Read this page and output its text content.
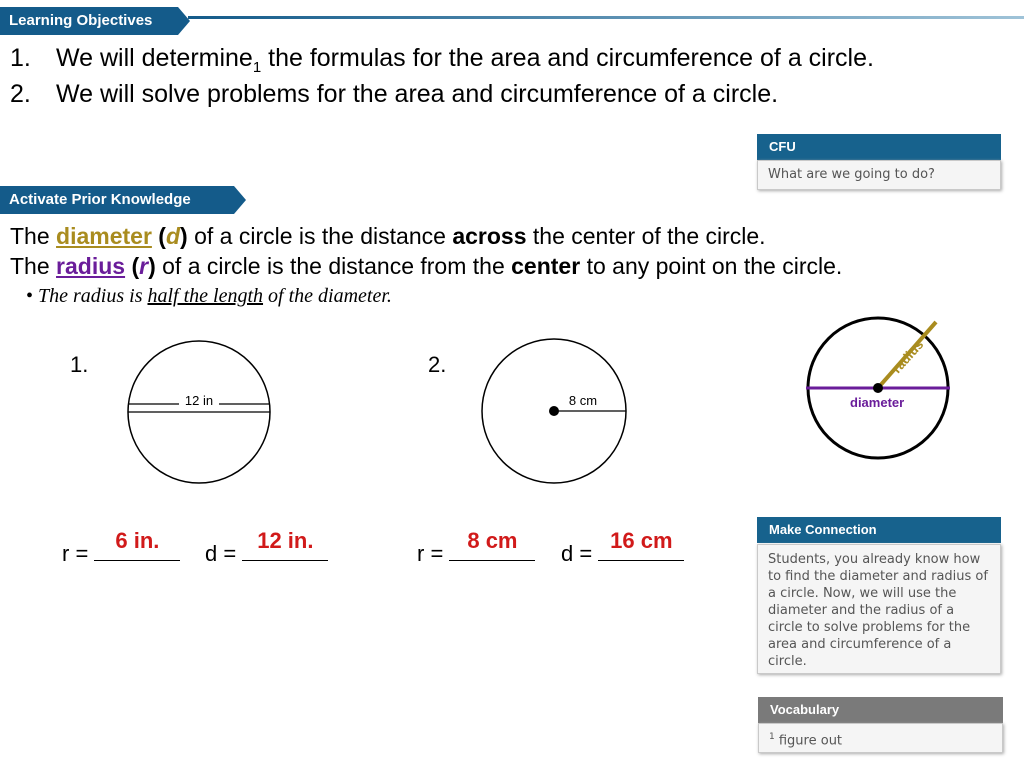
Learning Objectives
1. We will determine$_1$ the formulas for the area and circumference of a circle.
2. We will solve problems for the area and circumference of a circle.
CFU
What are we going to do?
Activate Prior Knowledge
The diameter (d) of a circle is the distance across the center of the circle.
The radius (r) of a circle is the distance from the center to any point on the circle.
• The radius is half the length of the diameter.
radius
diameter
1.
12 in
2.
8 cm
r =
6 in.
d =
12 in.
r =
8 cm
d =
16 cm	Make Connection
Students, you already know how to find the diameter and radius of a circle. Now, we will use the diameter and the radius of a circle to solve problems for the area and circumference of a circle.
Vocabulary
$^1$ figure out
